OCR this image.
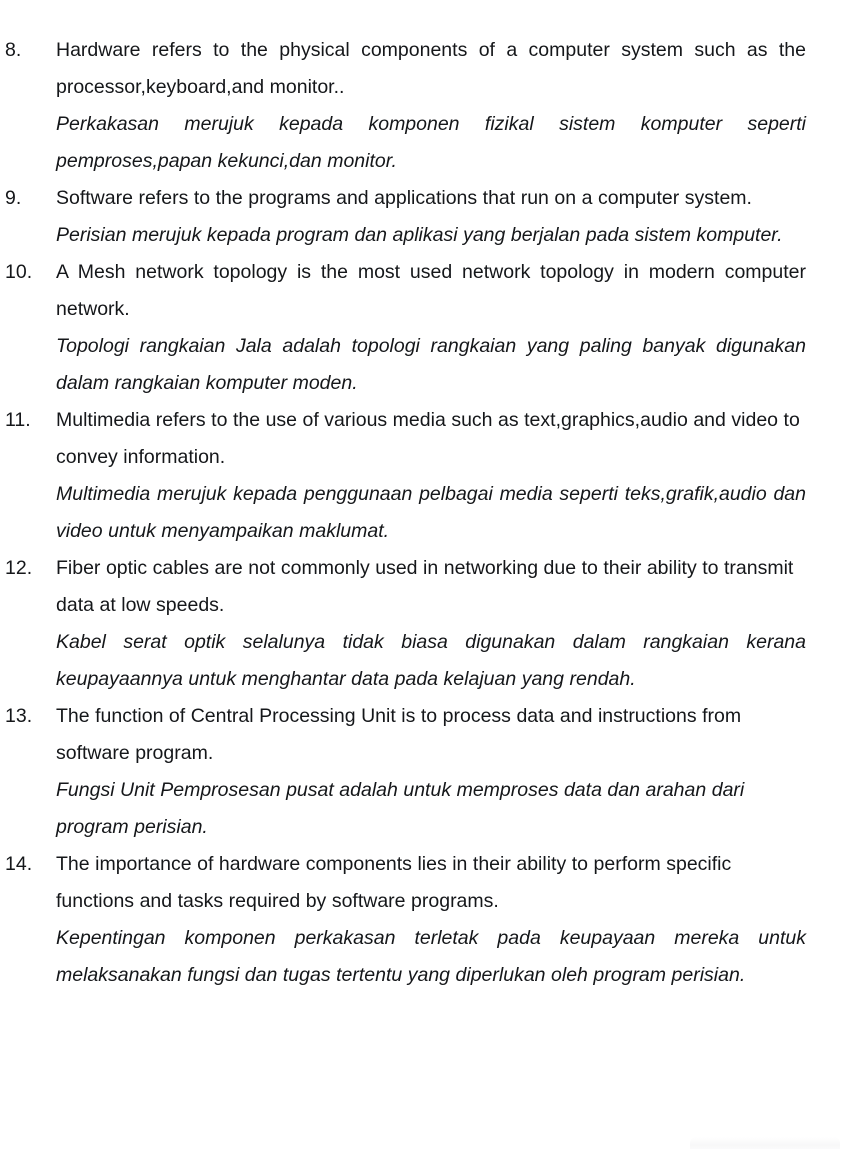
8.	Hardware refers to the physical components of a computer system such as the processor,keyboard,and monitor..

Perkakasan merujuk kepada komponen fizikal sistem komputer seperti pemproses,papan kekunci,dan monitor.

9.	Software refers to the programs and applications that run on a computer system.

Perisian merujuk kepada program dan aplikasi yang berjalan pada sistem komputer.

10.	A Mesh network topology is the most used network topology in modern computer network.

Topologi rangkaian Jala adalah topologi rangkaian yang paling banyak digunakan dalam rangkaian komputer moden.

11.	Multimedia refers to the use of various media such as text,graphics,audio and video to convey information.

Multimedia merujuk kepada penggunaan pelbagai media seperti teks,grafik,audio dan video untuk menyampaikan maklumat.

12.	Fiber optic cables are not commonly used in networking due to their ability to transmit data at low speeds.

Kabel serat optik selalunya tidak biasa digunakan dalam rangkaian kerana keupayaannya untuk menghantar data pada kelajuan yang rendah.

13.	The function of Central Processing Unit is to process data and instructions from software program.

Fungsi Unit Pemprosesan pusat adalah untuk memproses data dan arahan dari program perisian.

14.	The importance of hardware components lies in their ability to perform specific functions and tasks required by software programs.

Kepentingan komponen perkakasan terletak pada keupayaan mereka untuk melaksanakan fungsi dan tugas tertentu yang diperlukan oleh program perisian.
